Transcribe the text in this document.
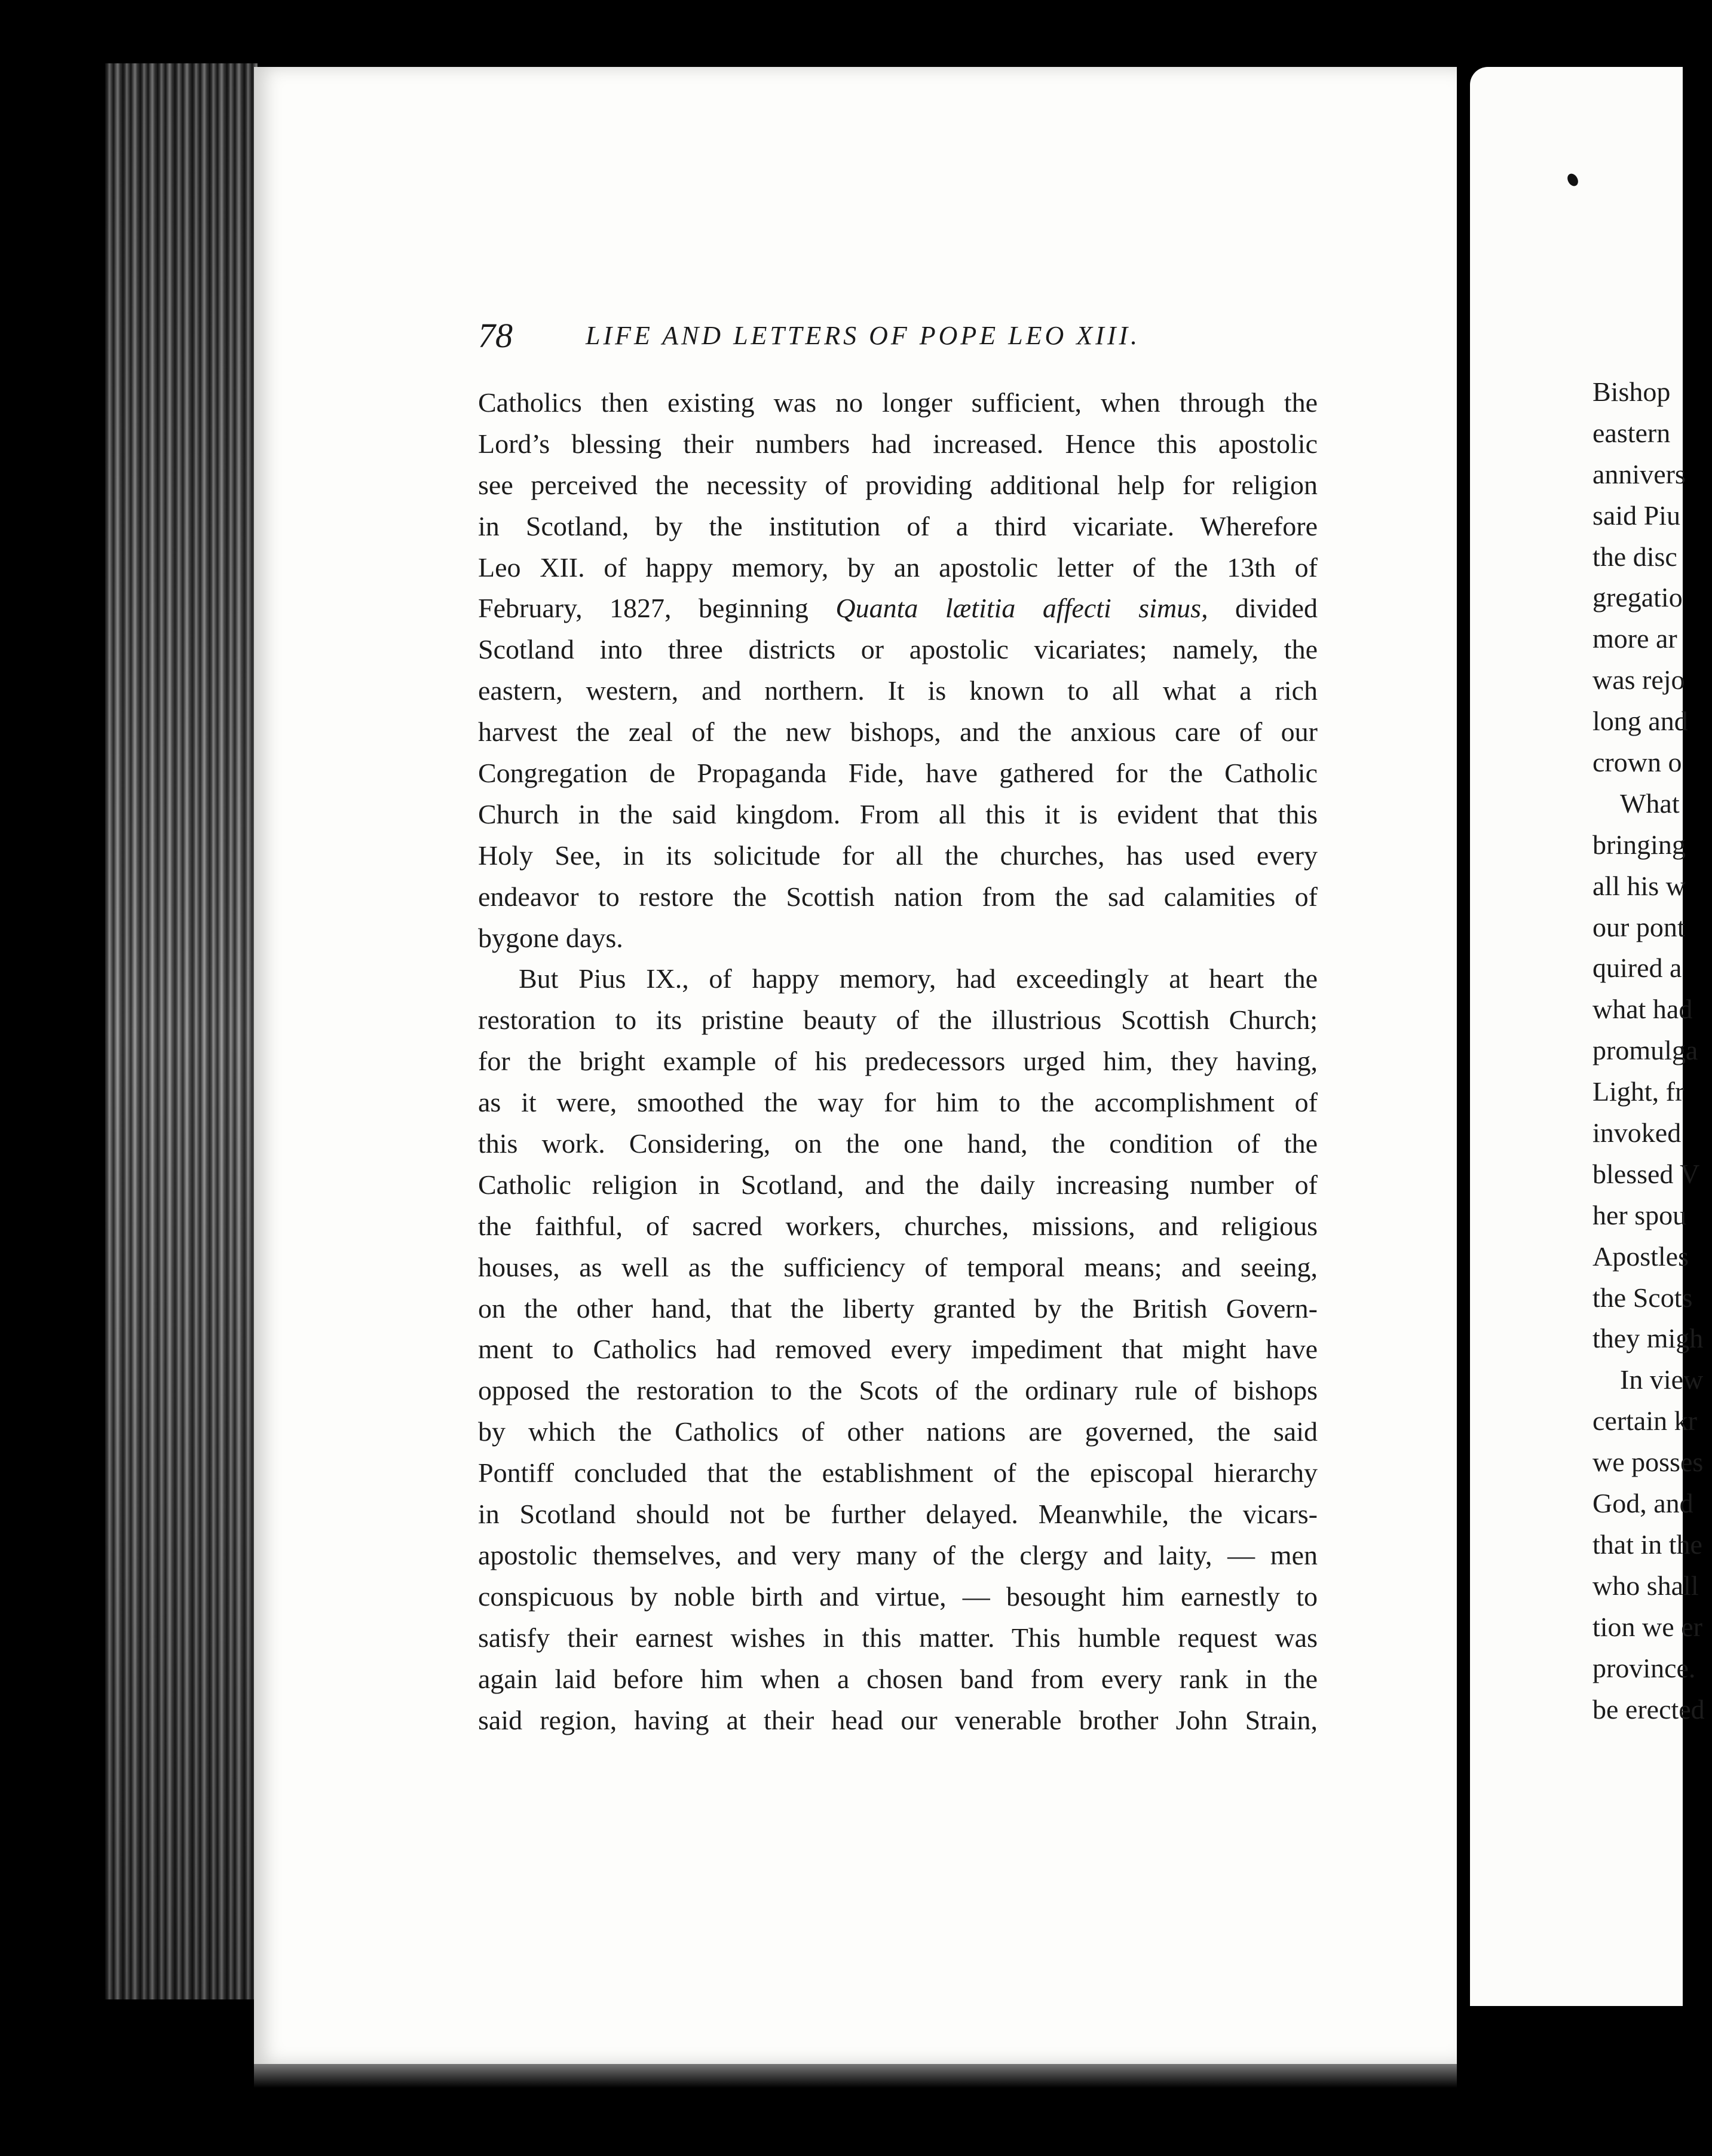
78	LIFE AND LETTERS OF POPE LEO XIII.
Catholics then existing was no longer sufficient, when through the
Lord’s blessing their numbers had increased. Hence this apostolic
see perceived the necessity of providing additional help for religion
in Scotland, by the institution of a third vicariate. Wherefore
Leo XII. of happy memory, by an apostolic letter of the 13th of
February, 1827, beginning Quanta lætitia affecti simus, divided
Scotland into three districts or apostolic vicariates; namely, the
eastern, western, and northern. It is known to all what a rich
harvest the zeal of the new bishops, and the anxious care of our
Congregation de Propaganda Fide, have gathered for the Catholic
Church in the said kingdom. From all this it is evident that this
Holy See, in its solicitude for all the churches, has used every
endeavor to restore the Scottish nation from the sad calamities of
bygone days.
But Pius IX., of happy memory, had exceedingly at heart the
restoration to its pristine beauty of the illustrious Scottish Church;
for the bright example of his predecessors urged him, they having,
as it were, smoothed the way for him to the accomplishment of
this work. Considering, on the one hand, the condition of the
Catholic religion in Scotland, and the daily increasing number of
the faithful, of sacred workers, churches, missions, and religious
houses, as well as the sufficiency of temporal means; and seeing,
on the other hand, that the liberty granted by the British Govern-
ment to Catholics had removed every impediment that might have
opposed the restoration to the Scots of the ordinary rule of bishops
by which the Catholics of other nations are governed, the said
Pontiff concluded that the establishment of the episcopal hierarchy
in Scotland should not be further delayed. Meanwhile, the vicars-
apostolic themselves, and very many of the clergy and laity, — men
conspicuous by noble birth and virtue, — besought him earnestly to
satisfy their earnest wishes in this matter. This humble request was
again laid before him when a chosen band from every rank in the
said region, having at their head our venerable brother John Strain,
Bishop
eastern
annivers
said Piu
the disc
gregatio
more ar
was rejo
long and
crown o
What
bringing
all his w
our pont
quired a
what had
promulga
Light, fr
invoked
blessed V
her spou
Apostles
the Scots
they migh
In view
certain kr
we posses
God, and
that in the
who shall
tion we er
province.
be erected
